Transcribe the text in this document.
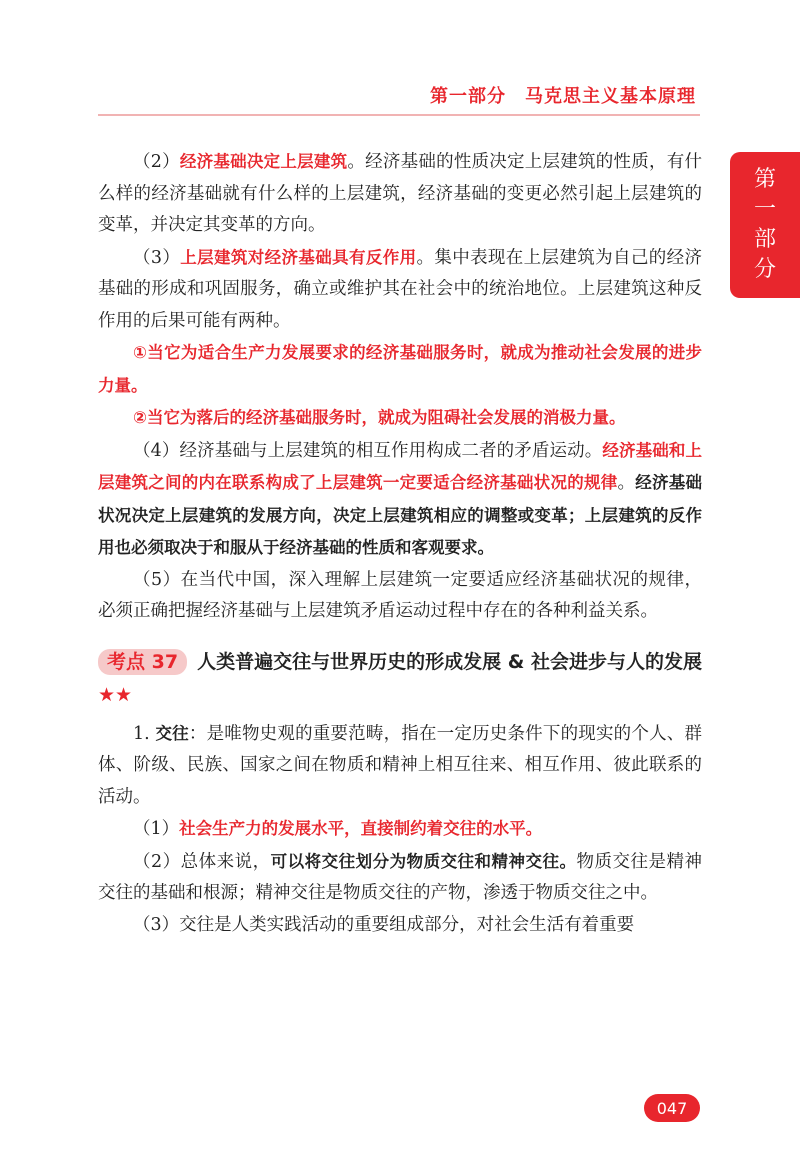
第一部分　马克思主义基本原理
第
一
部
分

（2）经济基础决定上层建筑。经济基础的性质决定上层建筑的性质，有什么样的经济基础就有什么样的上层建筑，经济基础的变更必然引起上层建筑的变革，并决定其变革的方向。

（3）上层建筑对经济基础具有反作用。集中表现在上层建筑为自己的经济基础的形成和巩固服务，确立或维护其在社会中的统治地位。上层建筑这种反作用的后果可能有两种。

①当它为适合生产力发展要求的经济基础服务时，就成为推动社会发展的进步力量。

②当它为落后的经济基础服务时，就成为阻碍社会发展的消极力量。

（4）经济基础与上层建筑的相互作用构成二者的矛盾运动。经济基础和上层建筑之间的内在联系构成了上层建筑一定要适合经济基础状况的规律。经济基础状况决定上层建筑的发展方向，决定上层建筑相应的调整或变革；上层建筑的反作用也必须取决于和服从于经济基础的性质和客观要求。

（5）在当代中国，深入理解上层建筑一定要适应经济基础状况的规律，必须正确把握经济基础与上层建筑矛盾运动过程中存在的各种利益关系。

考点 37 人类普遍交往与世界历史的形成发展 & 社会进步与人的发展★★

1. 交往：是唯物史观的重要范畴，指在一定历史条件下的现实的个人、群体、阶级、民族、国家之间在物质和精神上相互往来、相互作用、彼此联系的活动。

（1）社会生产力的发展水平，直接制约着交往的水平。

（2）总体来说，可以将交往划分为物质交往和精神交往。物质交往是精神交往的基础和根源；精神交往是物质交往的产物，渗透于物质交往之中。

（3）交往是人类实践活动的重要组成部分，对社会生活有着重要

047
